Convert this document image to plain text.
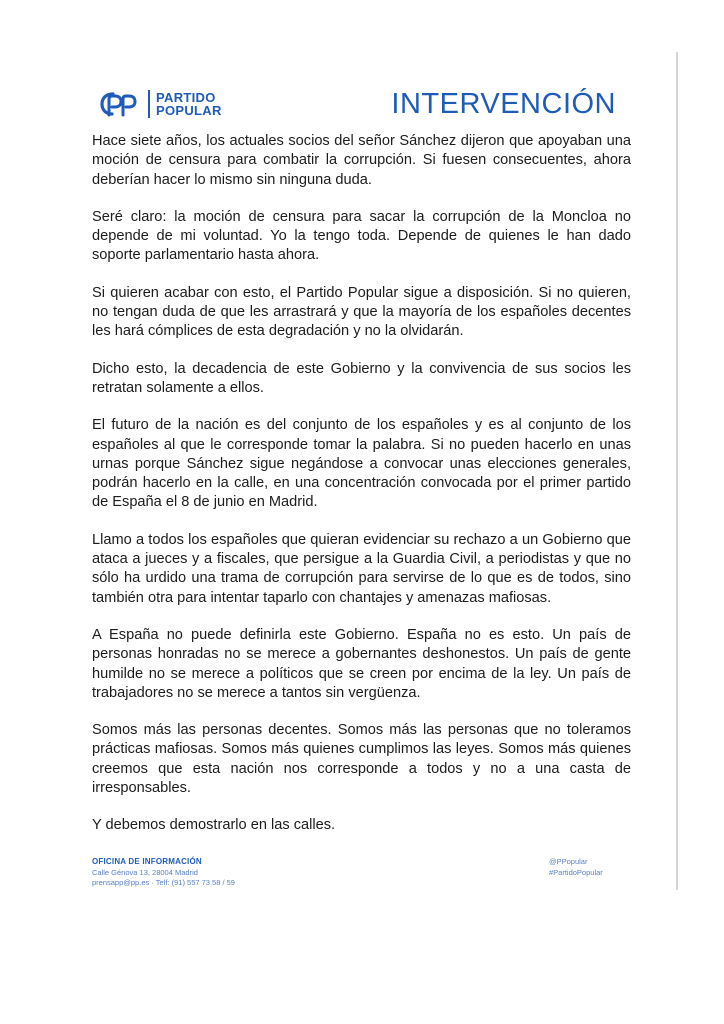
PARTIDO
POPULAR	INTERVENCIÓN

Hace siete años, los actuales socios del señor Sánchez dijeron que apoyaban una moción de censura para combatir la corrupción. Si fuesen consecuentes, ahora deberían hacer lo mismo sin ninguna duda.

Seré claro: la moción de censura para sacar la corrupción de la Moncloa no depende de mi voluntad. Yo la tengo toda. Depende de quienes le han dado soporte parlamentario hasta ahora.

Si quieren acabar con esto, el Partido Popular sigue a disposición. Si no quieren, no tengan duda de que les arrastrará y que la mayoría de los españoles decentes les hará cómplices de esta degradación y no la olvidarán.

Dicho esto, la decadencia de este Gobierno y la convivencia de sus socios les retratan solamente a ellos.

El futuro de la nación es del conjunto de los españoles y es al conjunto de los españoles al que le corresponde tomar la palabra. Si no pueden hacerlo en unas urnas porque Sánchez sigue negándose a convocar unas elecciones generales, podrán hacerlo en la calle, en una concentración convocada por el primer partido de España el 8 de junio en Madrid.

Llamo a todos los españoles que quieran evidenciar su rechazo a un Gobierno que ataca a jueces y a fiscales, que persigue a la Guardia Civil, a periodistas y que no sólo ha urdido una trama de corrupción para servirse de lo que es de todos, sino también otra para intentar taparlo con chantajes y amenazas mafiosas.

A España no puede definirla este Gobierno. España no es esto. Un país de personas honradas no se merece a gobernantes deshonestos. Un país de gente humilde no se merece a políticos que se creen por encima de la ley. Un país de trabajadores no se merece a tantos sin vergüenza.

Somos más las personas decentes. Somos más las personas que no toleramos prácticas mafiosas. Somos más quienes cumplimos las leyes. Somos más quienes creemos que esta nación nos corresponde a todos y no a una casta de irresponsables.

Y debemos demostrarlo en las calles.

OFICINA DE INFORMACIÓN
Calle Génova 13, 28004 Madrid
prensapp@pp.es · Telf: (91) 557 73 58 / 59
@PPopular
#PartidoPopular
